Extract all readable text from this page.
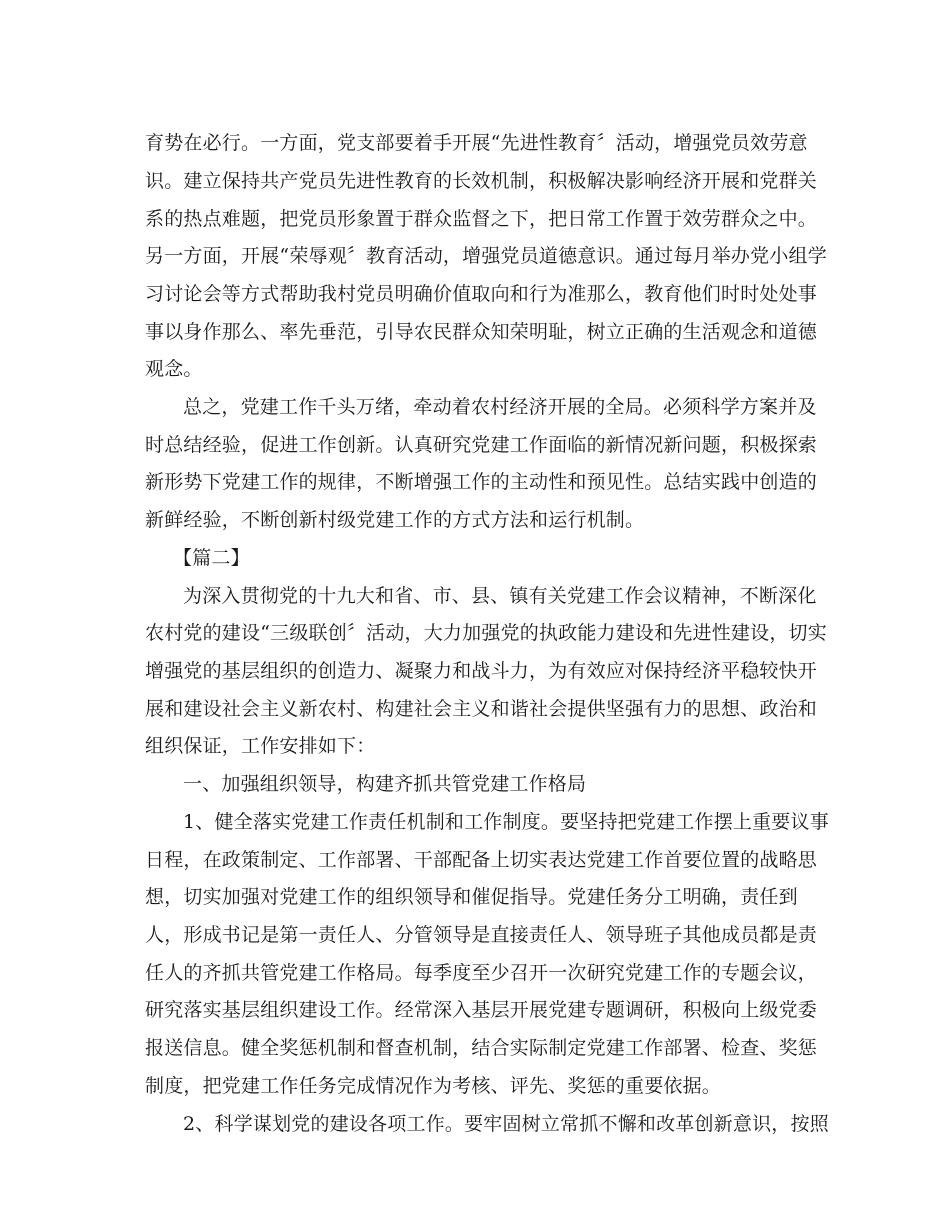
育势在必行。一方面，党支部要着手开展“先进性教育〞活动，增强党员效劳意
识。建立保持共产党员先进性教育的长效机制，积极解决影响经济开展和党群关
系的热点难题，把党员形象置于群众监督之下，把日常工作置于效劳群众之中。
另一方面，开展“荣辱观〞教育活动，增强党员道德意识。通过每月举办党小组学
习讨论会等方式帮助我村党员明确价值取向和行为准那么，教育他们时时处处事
事以身作那么、率先垂范，引导农民群众知荣明耻，树立正确的生活观念和道德
观念。
总之，党建工作千头万绪，牵动着农村经济开展的全局。必须科学方案并及
时总结经验，促进工作创新。认真研究党建工作面临的新情况新问题，积极探索
新形势下党建工作的规律，不断增强工作的主动性和预见性。总结实践中创造的
新鲜经验，不断创新村级党建工作的方式方法和运行机制。
【篇二】
为深入贯彻党的十九大和省、市、县、镇有关党建工作会议精神，不断深化
农村党的建设“三级联创〞活动，大力加强党的执政能力建设和先进性建设，切实
增强党的基层组织的创造力、凝聚力和战斗力，为有效应对保持经济平稳较快开
展和建设社会主义新农村、构建社会主义和谐社会提供坚强有力的思想、政治和
组织保证，工作安排如下：
一、加强组织领导，构建齐抓共管党建工作格局
1、健全落实党建工作责任机制和工作制度。要坚持把党建工作摆上重要议事
日程，在政策制定、工作部署、干部配备上切实表达党建工作首要位置的战略思
想，切实加强对党建工作的组织领导和催促指导。党建任务分工明确，责任到
人，形成书记是第一责任人、分管领导是直接责任人、领导班子其他成员都是责
任人的齐抓共管党建工作格局。每季度至少召开一次研究党建工作的专题会议，
研究落实基层组织建设工作。经常深入基层开展党建专题调研，积极向上级党委
报送信息。健全奖惩机制和督查机制，结合实际制定党建工作部署、检查、奖惩
制度，把党建工作任务完成情况作为考核、评先、奖惩的重要依据。
2、科学谋划党的建设各项工作。要牢固树立常抓不懈和改革创新意识，按照
